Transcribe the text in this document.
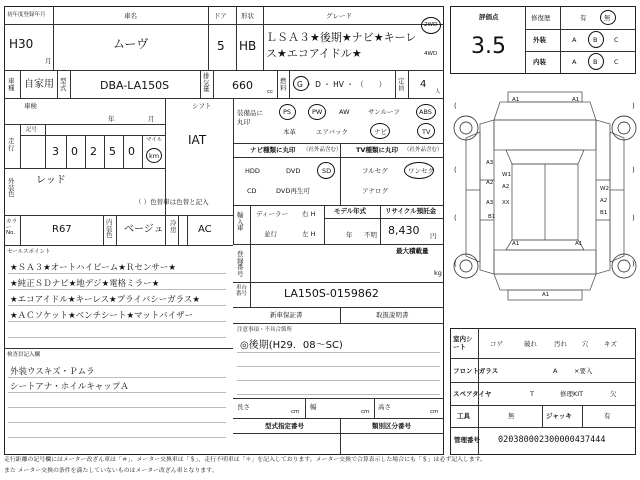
初年度登録年月
H30
月
車名
ムーヴ
ドア
5
形状
HB
グレード
ＬＳＡ３★後期★ナビ★キーレ
ス★エコアイドル★
2WD
4WD
車種 自家用 型式	DBA-LA150S
排気量 660	cc
燃料 G ・ D ・ HV ・ （　　） 定員 4
人
車検
年	月
走行
記号
3 0 2 5 0
マイル
km
外装色
レッド
（ ）色替車は色替と記入
シフト
IAT
カラーNo.	R67
内装色 ベージュ
冷房 AC
セールスポイント
★ＳＡ３★オートハイビーム★Ｒセンサー★
★純正ＳＤナビ★地デジ★電格ミラー★
★エコアイドル★キーレス★プライバシーガラス★
★ＡＣソケット★ベンチシート★マットバイザー
検査員記入欄
外装ウスキズ・Ｐムラ
シートアナ・ホイルキャップＡ
装備品に
丸印
PS	PW	AW	サンルーフ	ABS
本革	エアバック	ナビ	TV
ナビ種類に丸印 （社外品含む）
HDD	DVD	SD
CD	DVD再生可
TV種類に丸印 （社外品含む）
フルセグ	ワンセグ
アナログ
輸入車
ディーラー
並行
右 H
左 H
モデル年式
年 不明
リサイクル預託金
8,430 円
登録番号
最大積載量
kg
車台番号	LA150S-0159862
新車保証書	取扱説明書
注意事項・不具合箇所
◎後期(H29．08〜SC)
長さ
cm
幅
cm
高さ
cm
型式指定番号	類別区分番号
評価点
3.5
修復歴	有	無
外装	A	B	C
内装	A	B	C
A1	A1
A3
W1
A2
A2
A3 XX
B1
A1	A1
W2
A2
B1
A1
(	)
(	)
(	)
(	)
室内シート	コゲ	破れ	汚れ 穴 キズ
フロントガラス	A	×要入
スペアタイヤ	T	修理KIT	欠
工具	無	ジャッキ	有
管理番号 020380002300000437444
走行距離の記号欄にはメーター改ざん車は「＃」、メーター交換車は「＄」、走行不明車は「＊」を記入しております。メーター交換で合算表示した場合にも「＄」は必ず記入します。
また メーター交換の条件を満たしていないものはメーター改ざん車となります。
